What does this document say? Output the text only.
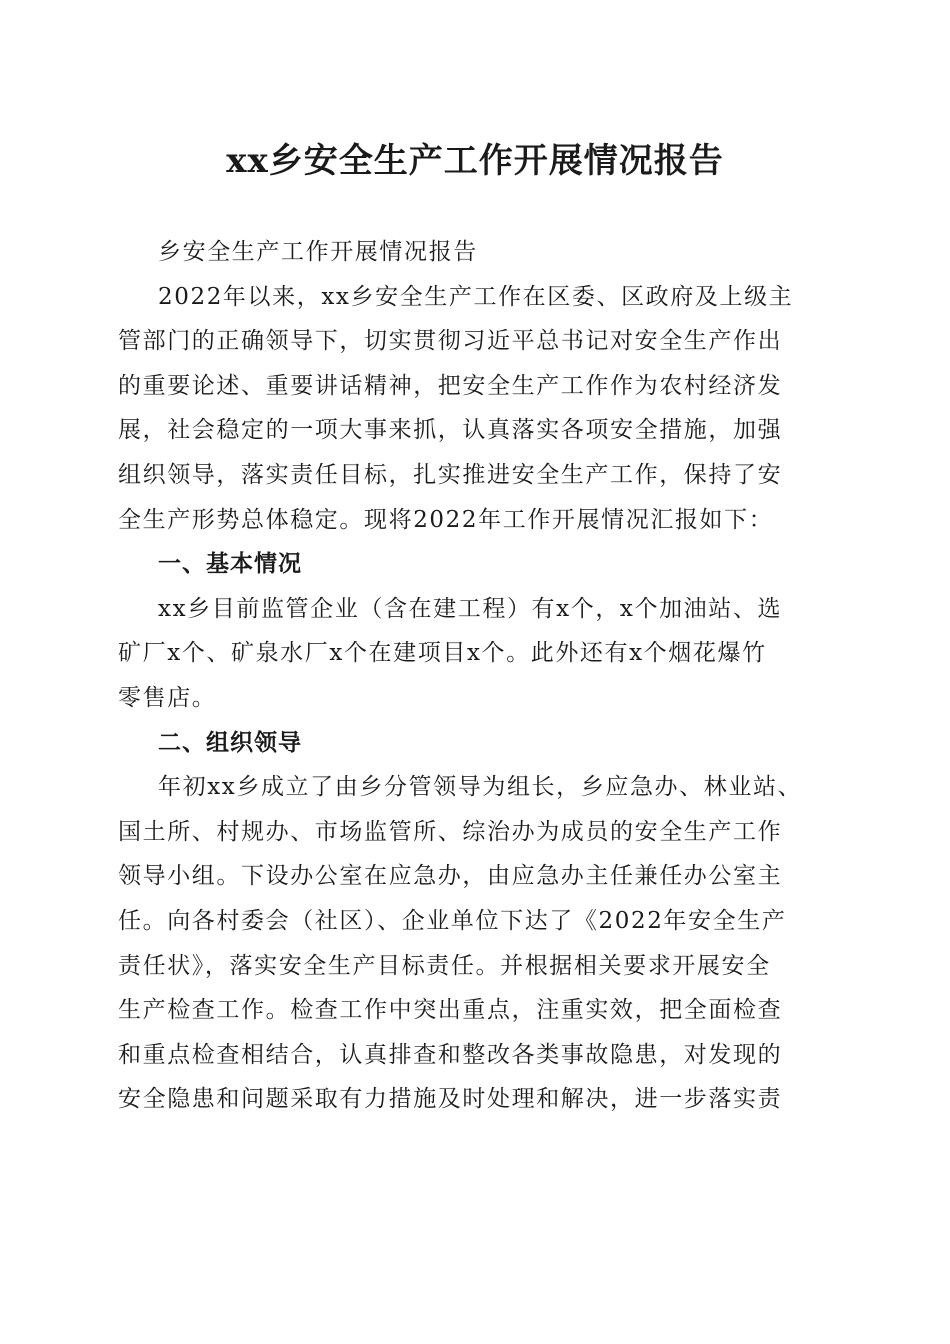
xx乡安全生产工作开展情况报告
乡安全生产工作开展情况报告
2022年以来，xx乡安全生产工作在区委、区政府及上级主
管部门的正确领导下，切实贯彻习近平总书记对安全生产作出
的重要论述、重要讲话精神，把安全生产工作作为农村经济发
展，社会稳定的一项大事来抓，认真落实各项安全措施，加强
组织领导，落实责任目标，扎实推进安全生产工作，保持了安
全生产形势总体稳定。现将2022年工作开展情况汇报如下：
一、基本情况
xx乡目前监管企业（含在建工程）有x个，x个加油站、选
矿厂x个、矿泉水厂x个在建项目x个。此外还有x个烟花爆竹
零售店。
二、组织领导
年初xx乡成立了由乡分管领导为组长，乡应急办、林业站、
国土所、村规办、市场监管所、综治办为成员的安全生产工作
领导小组。下设办公室在应急办，由应急办主任兼任办公室主
任。向各村委会（社区）、企业单位下达了《2022年安全生产
责任状》，落实安全生产目标责任。并根据相关要求开展安全
生产检查工作。检查工作中突出重点，注重实效，把全面检查
和重点检查相结合，认真排查和整改各类事故隐患，对发现的
安全隐患和问题采取有力措施及时处理和解决，进一步落实责
